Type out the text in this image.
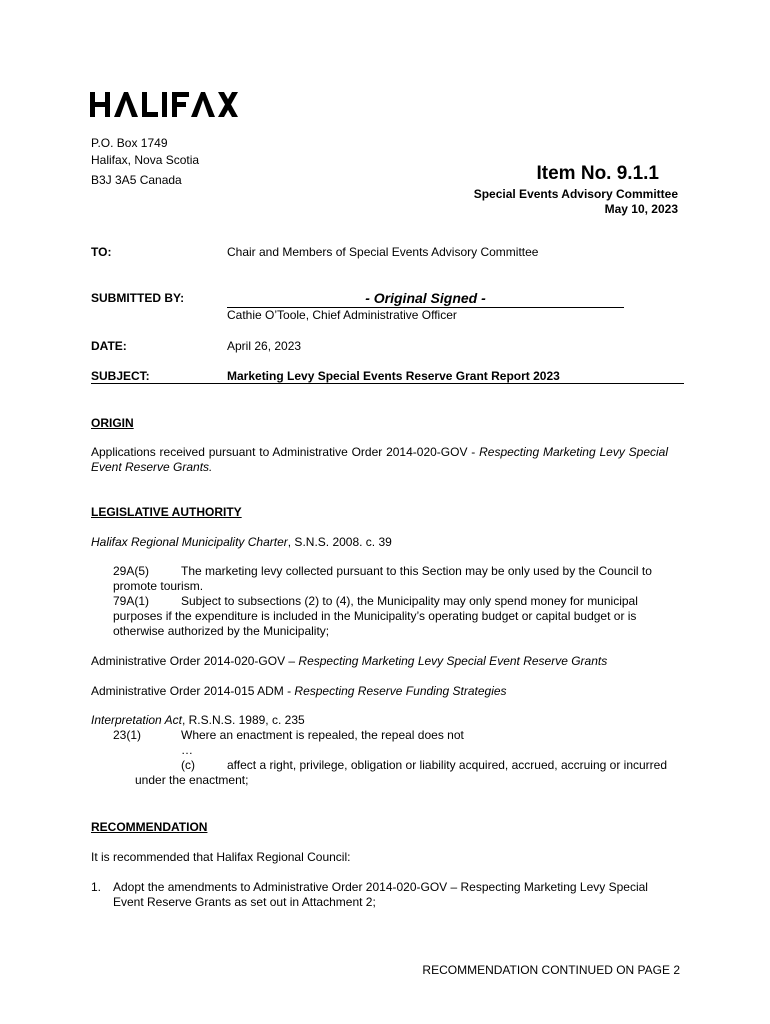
P.O. Box 1749
Halifax, Nova Scotia
B3J 3A5 Canada	Item No. 9.1.1
Special Events Advisory Committee
May 10, 2023
TO:	Chair and Members of Special Events Advisory Committee
SUBMITTED BY:	- Original Signed -
Cathie O’Toole, Chief Administrative Officer
DATE:	April 26, 2023
SUBJECT:	Marketing Levy Special Events Reserve Grant Report 2023
ORIGIN
Applications received pursuant to Administrative Order 2014-020-GOV - Respecting Marketing Levy Special Event Reserve Grants.
LEGISLATIVE AUTHORITY
Halifax Regional Municipality Charter, S.N.S. 2008. c. 39
29A(5)	The marketing levy collected pursuant to this Section may be only used by the Council to
promote tourism.
79A(1)	Subject to subsections (2) to (4), the Municipality may only spend money for municipal
purposes if the expenditure is included in the Municipality’s operating budget or capital budget or is
otherwise authorized by the Municipality;
Administrative Order 2014-020-GOV – Respecting Marketing Levy Special Event Reserve Grants
Administrative Order 2014-015 ADM - Respecting Reserve Funding Strategies
Interpretation Act, R.S.N.S. 1989, c. 235
23(1)	Where an enactment is repealed, the repeal does not
…
(c)	affect a right, privilege, obligation or liability acquired, accrued, accruing or incurred
under the enactment;
RECOMMENDATION
It is recommended that Halifax Regional Council:
1. Adopt the amendments to Administrative Order 2014-020-GOV – Respecting Marketing Levy Special
Event Reserve Grants as set out in Attachment 2;
RECOMMENDATION CONTINUED ON PAGE 2
